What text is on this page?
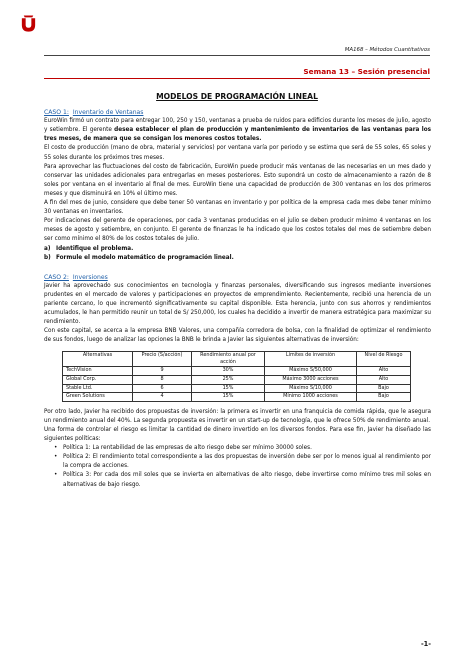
MA168 – Métodos Cuantitativos
Semana 13 – Sesión presencial
MODELOS DE PROGRAMACIÓN LINEAL
CASO 1: Inventario de Ventanas

EuroWin firmó un contrato para entregar 100, 250 y 150, ventanas a prueba de ruidos para edificios durante los meses de julio, agosto y setiembre. El gerente desea establecer el plan de producción y mantenimiento de inventarios de las ventanas para los tres meses, de manera que se consigan los menores costos totales.

El costo de producción (mano de obra, material y servicios) por ventana varía por periodo y se estima que será de 55 soles, 65 soles y 55 soles durante los próximos tres meses.

Para aprovechar las fluctuaciones del costo de fabricación, EuroWin puede producir más ventanas de las necesarias en un mes dado y conservar las unidades adicionales para entregarlas en meses posteriores. Esto supondrá un costo de almacenamiento a razón de 8 soles por ventana en el inventario al final de mes. EuroWin tiene una capacidad de producción de 300 ventanas en los dos primeros meses y que disminuirá en 10% el último mes.

A fin del mes de junio, considere que debe tener 50 ventanas en inventario y por política de la empresa cada mes debe tener mínimo 30 ventanas en inventarios.

Por indicaciones del gerente de operaciones, por cada 3 ventanas producidas en el julio se deben producir mínimo 4 ventanas en los meses de agosto y setiembre, en conjunto. El gerente de finanzas le ha indicado que los costos totales del mes de setiembre deben ser como mínimo el 80% de los costos totales de julio.

a) Identifique el problema.

b) Formule el modelo matemático de programación lineal.

CASO 2: Inversiones

Javier ha aprovechado sus conocimientos en tecnología y finanzas personales, diversificando sus ingresos mediante inversiones prudentes en el mercado de valores y participaciones en proyectos de emprendimiento. Recientemente, recibió una herencia de un pariente cercano, lo que incrementó significativamente su capital disponible. Esta herencia, junto con sus ahorros y rendimientos acumulados, le han permitido reunir un total de S/ 250,000, los cuales ha decidido a invertir de manera estratégica para maximizar su rendimiento.

Con este capital, se acerca a la empresa BNB Valores, una compañía corredora de bolsa, con la finalidad de optimizar el rendimiento de sus fondos, luego de analizar las opciones la BNB le brinda a Javier las siguientes alternativas de inversión:

Alternativas	Precio (S/acción)	Rendimiento anual por acción	Límites de inversión	Nivel de Riesgo
TechVision	9	30%	Máximo S/50,000	Alto
Global Corp.	8	25%	Máximo 3000 acciones	Alto
Stable Ltd.	6	15%	Máximo S/10,000	Bajo
Green Solutions	4	15%	Mínimo 1000 acciones	Bajo

Por otro lado, Javier ha recibido dos propuestas de inversión: la primera es invertir en una franquicia de comida rápida, que le asegura un rendimiento anual del 40%. La segunda propuesta es invertir en un start-up de tecnología, que le ofrece 50% de rendimiento anual.

Una forma de controlar el riesgo es limitar la cantidad de dinero invertido en los diversos fondos. Para ese fin, Javier ha diseñado las siguientes políticas:

• Política 1: La rentabilidad de las empresas de alto riesgo debe ser mínimo 30000 soles.
• Política 2: El rendimiento total correspondiente a las dos propuestas de inversión debe ser por lo menos igual al rendimiento por la compra de acciones.
• Política 3: Por cada dos mil soles que se invierta en alternativas de alto riesgo, debe invertirse como mínimo tres mil soles en alternativas de bajo riesgo.
-1-
